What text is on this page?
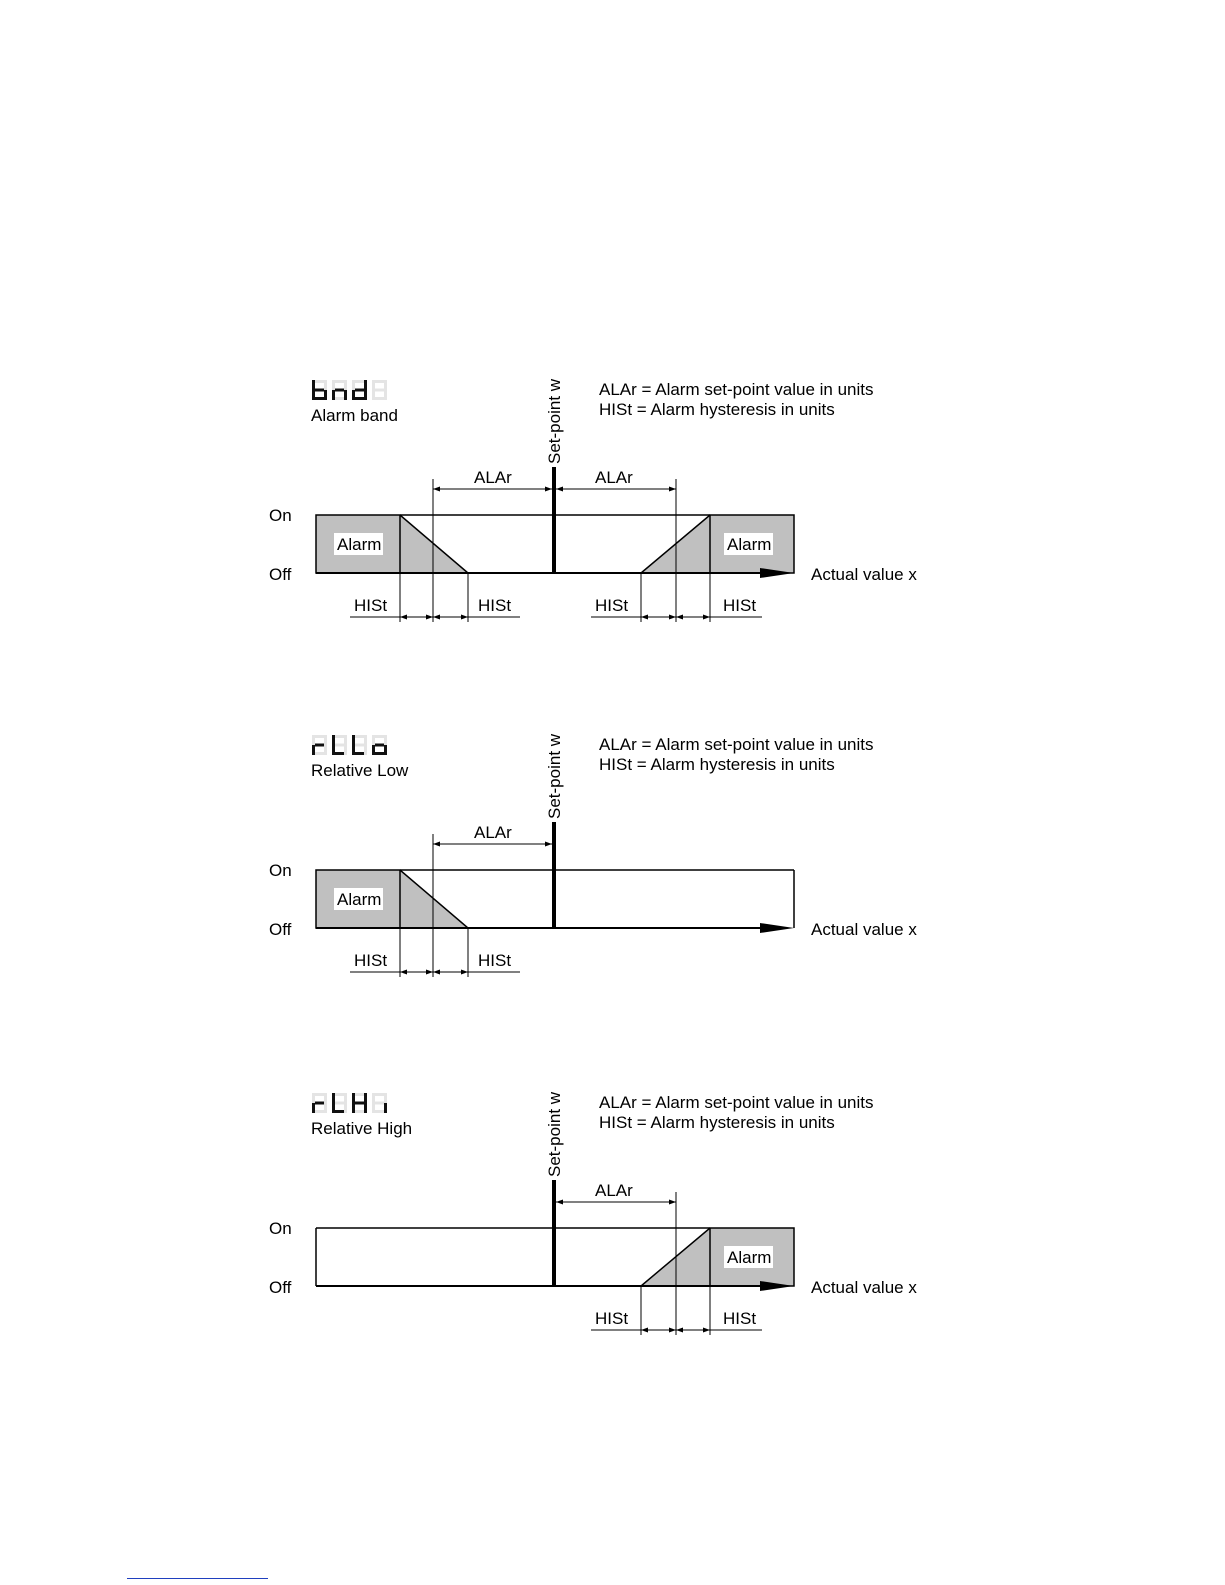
Alarm band
ALAr = Alarm set-point value in units
HISt = Alarm hysteresis in units
Set-point w
On
Off
Alarm	Alarm
Actual value x
ALAr	ALAr
HISt	HISt	HISt	HISt
Relative Low
ALAr = Alarm set-point value in units
HISt = Alarm hysteresis in units
Set-point w
On
Off
Alarm
Actual value x
ALAr
HISt	HISt
Relative High
ALAr = Alarm set-point value in units
HISt = Alarm hysteresis in units
Set-point w
On
Off
Alarm
Actual value x
ALAr
HISt	HISt
